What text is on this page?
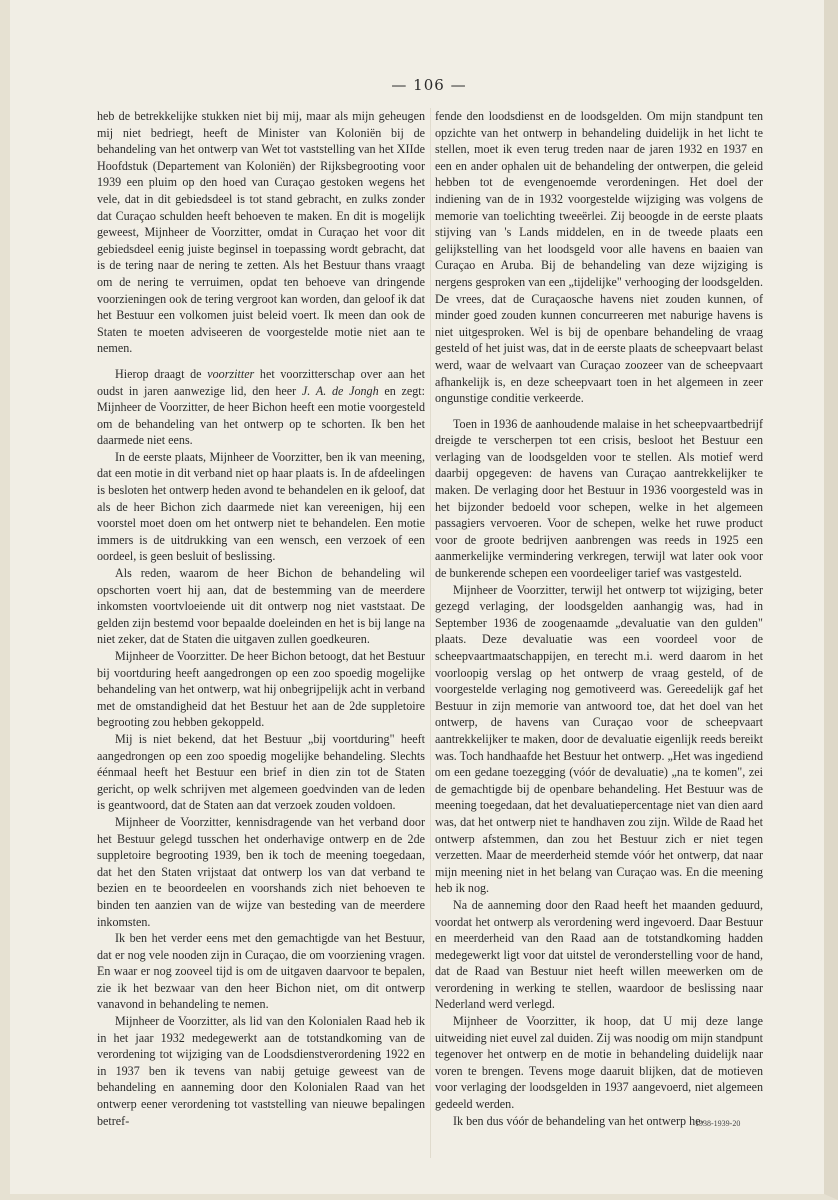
— 106 —

heb de betrekkelijke stukken niet bij mij, maar als mijn geheugen mij niet bedriegt, heeft de Minister van Koloniën bij de behandeling van het ontwerp van Wet tot vaststelling van het XIIde Hoofdstuk (Departement van Koloniën) der Rijksbegrooting voor 1939 een pluim op den hoed van Curaçao gestoken wegens het vele, dat in dit gebiedsdeel is tot stand gebracht, en zulks zonder dat Curaçao schulden heeft behoeven te maken. En dit is mogelijk geweest, Mijnheer de Voorzitter, omdat in Curaçao het voor dit gebiedsdeel eenig juiste beginsel in toepassing wordt gebracht, dat is de tering naar de nering te zetten. Als het Bestuur thans vraagt om de nering te verruimen, opdat ten behoeve van dringende voorzieningen ook de tering vergroot kan worden, dan geloof ik dat het Bestuur een volkomen juist beleid voert. Ik meen dan ook de Staten te moeten adviseeren de voorgestelde motie niet aan te nemen.

Hierop draagt de voorzitter het voorzitterschap over aan het oudst in jaren aanwezige lid, den heer J. A. de Jongh en zegt: Mijnheer de Voorzitter, de heer Bichon heeft een motie voorgesteld om de behandeling van het ontwerp op te schorten. Ik ben het daarmede niet eens.

In de eerste plaats, Mijnheer de Voorzitter, ben ik van meening, dat een motie in dit verband niet op haar plaats is. In de afdeelingen is besloten het ontwerp heden avond te behandelen en ik geloof, dat als de heer Bichon zich daarmede niet kan vereenigen, hij een voorstel moet doen om het ontwerp niet te behandelen. Een motie immers is de uitdrukking van een wensch, een verzoek of een oordeel, is geen besluit of beslissing.

Als reden, waarom de heer Bichon de behandeling wil opschorten voert hij aan, dat de bestemming van de meerdere inkomsten voortvloeiende uit dit ontwerp nog niet vaststaat. De gelden zijn bestemd voor bepaalde doeleinden en het is bij lange na niet zeker, dat de Staten die uitgaven zullen goedkeuren.

Mijnheer de Voorzitter. De heer Bichon betoogt, dat het Bestuur bij voortduring heeft aangedrongen op een zoo spoedig mogelijke behandeling van het ontwerp, wat hij onbegrijpelijk acht in verband met de omstandigheid dat het Bestuur het aan de 2de suppletoire begrooting zou hebben gekoppeld.

Mij is niet bekend, dat het Bestuur „bij voortduring" heeft aangedrongen op een zoo spoedig mogelijke behandeling. Slechts éénmaal heeft het Bestuur een brief in dien zin tot de Staten gericht, op welk schrijven met algemeen goedvinden van de leden is geantwoord, dat de Staten aan dat verzoek zouden voldoen.

Mijnheer de Voorzitter, kennisdragende van het verband door het Bestuur gelegd tusschen het onderhavige ontwerp en de 2de suppletoire begrooting 1939, ben ik toch de meening toegedaan, dat het den Staten vrijstaat dat ontwerp los van dat verband te bezien en te beoordeelen en voorshands zich niet behoeven te binden ten aanzien van de wijze van besteding van de meerdere inkomsten.

Ik ben het verder eens met den gemachtigde van het Bestuur, dat er nog vele nooden zijn in Curaçao, die om voorziening vragen. En waar er nog zooveel tijd is om de uitgaven daarvoor te bepalen, zie ik het bezwaar van den heer Bichon niet, om dit ontwerp vanavond in behandeling te nemen.

Mijnheer de Voorzitter, als lid van den Kolonialen Raad heb ik in het jaar 1932 medegewerkt aan de totstandkoming van de verordening tot wijziging van de Loodsdienstverordening 1922 en in 1937 ben ik tevens van nabij getuige geweest van de behandeling en aanneming door den Kolonialen Raad van het ontwerp eener verordening tot vaststelling van nieuwe bepalingen betref-

fende den loodsdienst en de loodsgelden. Om mijn standpunt ten opzichte van het ontwerp in behandeling duidelijk in het licht te stellen, moet ik even terug treden naar de jaren 1932 en 1937 en een en ander ophalen uit de behandeling der ontwerpen, die geleid hebben tot de evengenoemde verordeningen. Het doel der indiening van de in 1932 voorgestelde wijziging was volgens de memorie van toelichting tweeërlei. Zij beoogde in de eerste plaats stijving van 's Lands middelen, en in de tweede plaats een gelijkstelling van het loodsgeld voor alle havens en baaien van Curaçao en Aruba. Bij de behandeling van deze wijziging is nergens gesproken van een „tijdelijke" verhooging der loodsgelden. De vrees, dat de Curaçaosche havens niet zouden kunnen, of minder goed zouden kunnen concurreeren met naburige havens is niet uitgesproken. Wel is bij de openbare behandeling de vraag gesteld of het juist was, dat in de eerste plaats de scheepvaart belast werd, waar de welvaart van Curaçao zoozeer van de scheepvaart afhankelijk is, en deze scheepvaart toen in het algemeen in zeer ongunstige conditie verkeerde.

Toen in 1936 de aanhoudende malaise in het scheepvaartbedrijf dreigde te verscherpen tot een crisis, besloot het Bestuur een verlaging van de loodsgelden voor te stellen. Als motief werd daarbij opgegeven: de havens van Curaçao aantrekkelijker te maken. De verlaging door het Bestuur in 1936 voorgesteld was in het bijzonder bedoeld voor schepen, welke in het algemeen passagiers vervoeren. Voor de schepen, welke het ruwe product voor de groote bedrijven aanbrengen was reeds in 1925 een aanmerkelijke vermindering verkregen, terwijl wat later ook voor de bunkerende schepen een voordeeliger tarief was vastgesteld.

Mijnheer de Voorzitter, terwijl het ontwerp tot wijziging, beter gezegd verlaging, der loodsgelden aanhangig was, had in September 1936 de zoogenaamde „devaluatie van den gulden" plaats. Deze devaluatie was een voordeel voor de scheepvaartmaatschappijen, en terecht m.i. werd daarom in het voorloopig verslag op het ontwerp de vraag gesteld, of de voorgestelde verlaging nog gemotiveerd was. Gereedelijk gaf het Bestuur in zijn memorie van antwoord toe, dat het doel van het ontwerp, de havens van Curaçao voor de scheepvaart aantrekkelijker te maken, door de devaluatie eigenlijk reeds bereikt was. Toch handhaafde het Bestuur het ontwerp. „Het was ingediend om een gedane toezegging (vóór de devaluatie) „na te komen", zei de gemachtigde bij de openbare behandeling. Het Bestuur was de meening toegedaan, dat het devaluatiepercentage niet van dien aard was, dat het ontwerp niet te handhaven zou zijn. Wilde de Raad het ontwerp afstemmen, dan zou het Bestuur zich er niet tegen verzetten. Maar de meerderheid stemde vóór het ontwerp, dat naar mijn meening niet in het belang van Curaçao was. En die meening heb ik nog.

Na de aanneming door den Raad heeft het maanden geduurd, voordat het ontwerp als verordening werd ingevoerd. Daar Bestuur en meerderheid van den Raad aan de totstandkoming hadden medegewerkt ligt voor dat uitstel de veronderstelling voor de hand, dat de Raad van Bestuur niet heeft willen meewerken om de verordening in werking te stellen, waardoor de beslissing naar Nederland werd verlegd.

Mijnheer de Voorzitter, ik hoop, dat U mij deze lange uitweiding niet euvel zal duiden. Zij was noodig om mijn standpunt tegenover het ontwerp en de motie in behandeling duidelijk naar voren te brengen. Tevens moge daaruit blijken, dat de motieven voor verlaging der loodsgelden in 1937 aangevoerd, niet algemeen gedeeld werden.

Ik ben dus vóór de behandeling van het ontwerp he-

1938-1939-20
